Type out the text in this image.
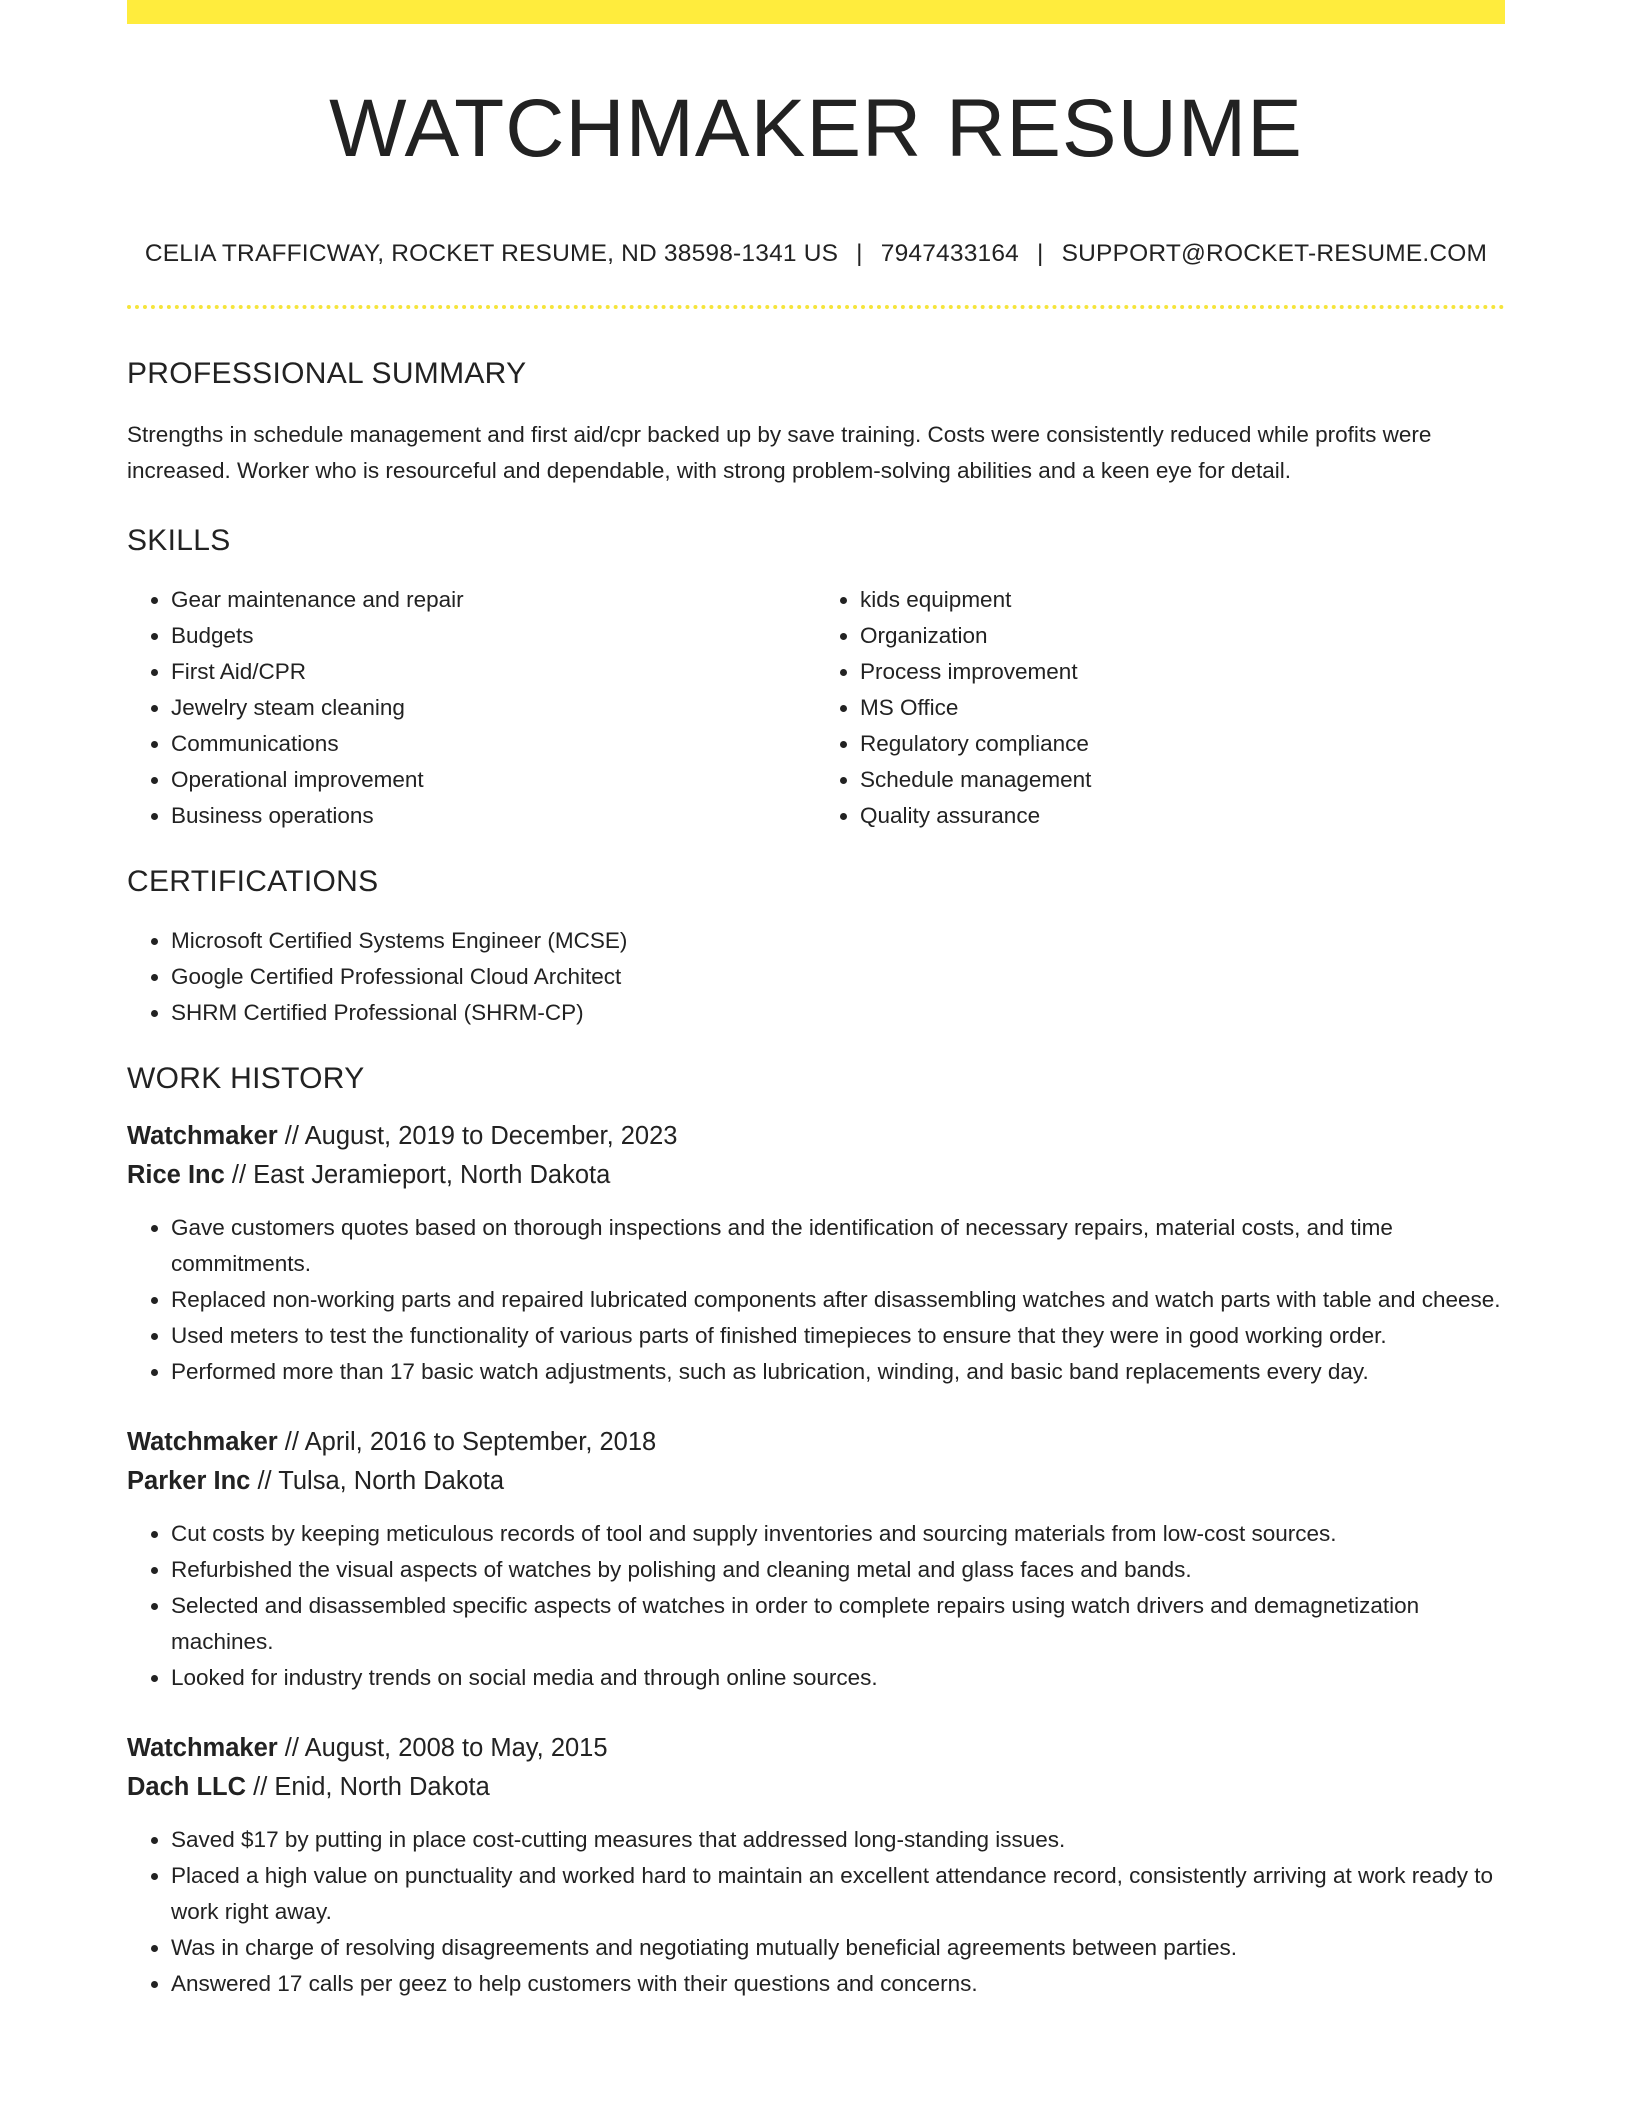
WATCHMAKER RESUME
CELIA TRAFFICWAY, ROCKET RESUME, ND 38598-1341 US | 7947433164 | SUPPORT@ROCKET-RESUME.COM
PROFESSIONAL SUMMARY

Strengths in schedule management and first aid/cpr backed up by save training. Costs were consistently reduced while profits were increased. Worker who is resourceful and dependable, with strong problem-solving abilities and a keen eye for detail.

SKILLS
• Gear maintenance and repair
• Budgets
• First Aid/CPR
• Jewelry steam cleaning
• Communications
• Operational improvement
• Business operations
• kids equipment
• Organization
• Process improvement
• MS Office
• Regulatory compliance
• Schedule management
• Quality assurance
CERTIFICATIONS
• Microsoft Certified Systems Engineer (MCSE)
• Google Certified Professional Cloud Architect
• SHRM Certified Professional (SHRM-CP)
WORK HISTORY
Watchmaker // August, 2019 to December, 2023
Rice Inc // East Jeramieport, North Dakota
• Gave customers quotes based on thorough inspections and the identification of necessary repairs, material costs, and time commitments.
• Replaced non-working parts and repaired lubricated components after disassembling watches and watch parts with table and cheese.
• Used meters to test the functionality of various parts of finished timepieces to ensure that they were in good working order.
• Performed more than 17 basic watch adjustments, such as lubrication, winding, and basic band replacements every day.
Watchmaker // April, 2016 to September, 2018
Parker Inc // Tulsa, North Dakota
• Cut costs by keeping meticulous records of tool and supply inventories and sourcing materials from low-cost sources.
• Refurbished the visual aspects of watches by polishing and cleaning metal and glass faces and bands.
• Selected and disassembled specific aspects of watches in order to complete repairs using watch drivers and demagnetization machines.
• Looked for industry trends on social media and through online sources.
Watchmaker // August, 2008 to May, 2015
Dach LLC // Enid, North Dakota
• Saved $17 by putting in place cost-cutting measures that addressed long-standing issues.
• Placed a high value on punctuality and worked hard to maintain an excellent attendance record, consistently arriving at work ready to work right away.
• Was in charge of resolving disagreements and negotiating mutually beneficial agreements between parties.
• Answered 17 calls per geez to help customers with their questions and concerns.
